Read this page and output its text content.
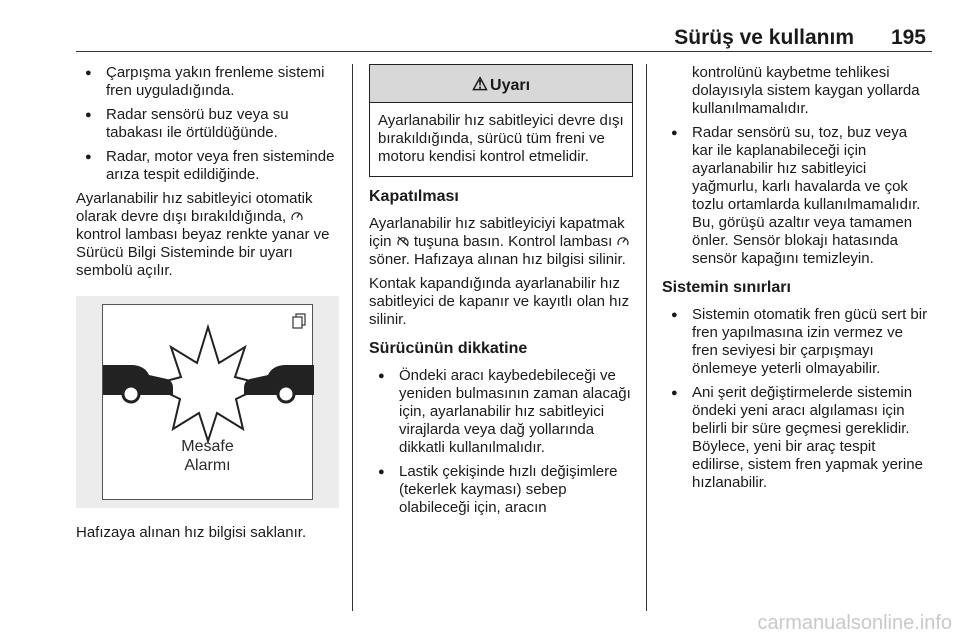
Sürüş ve kullanım 195
● Çarpışma yakın frenleme sistemi fren uyguladığında.
● Radar sensörü buz veya su tabakası ile örtüldüğünde.
● Radar, motor veya fren sisteminde arıza tespit edildiğinde.

Ayarlanabilir hız sabitleyici otomatik olarak devre dışı bırakıldığında,  kontrol lambası beyaz renkte yanar ve Sürücü Bilgi Sisteminde bir uyarı sembolü açılır.

Mesafe
Alarmı

Hafızaya alınan hız bilgisi saklanır.

⚠ Uyarı
Ayarlanabilir hız sabitleyici devre dışı bırakıldığında, sürücü tüm freni ve motoru kendisi kontrol etmelidir.
Kapatılması

Ayarlanabilir hız sabitleyiciyi kapatmak için tuşuna basın. Kontrol lambası  söner. Hafızaya alınan hız bilgisi silinir.

Kontak kapandığında ayarlanabilir hız sabitleyici de kapanır ve kayıtlı olan hız silinir.

Sürücünün dikkatine
● Öndeki aracı kaybedebileceği ve yeniden bulmasının zaman alacağı için, ayarlanabilir hız sabitleyici virajlarda veya dağ yollarında dikkatli kullanılmalıdır.
● Lastik çekişinde hızlı değişimlere (tekerlek kayması) sebep olabileceği için, aracın

kontrolünü kaybetme tehlikesi dolayısıyla sistem kaygan yollarda kullanılmamalıdır.

● Radar sensörü su, toz, buz veya kar ile kaplanabileceği için ayarlanabilir hız sabitleyici yağmurlu, karlı havalarda ve çok tozlu ortamlarda kullanılmamalıdır. Bu, görüşü azaltır veya tamamen önler. Sensör blokajı hatasında sensör kapağını temizleyin.
Sistemin sınırları
● Sistemin otomatik fren gücü sert bir fren yapılmasına izin vermez ve fren seviyesi bir çarpışmayı önlemeye yeterli olmayabilir.
● Ani şerit değiştirmelerde sistemin öndeki yeni aracı algılaması için belirli bir süre geçmesi gereklidir. Böylece, yeni bir araç tespit edilirse, sistem fren yapmak yerine hızlanabilir.
carmanualsonline.info
